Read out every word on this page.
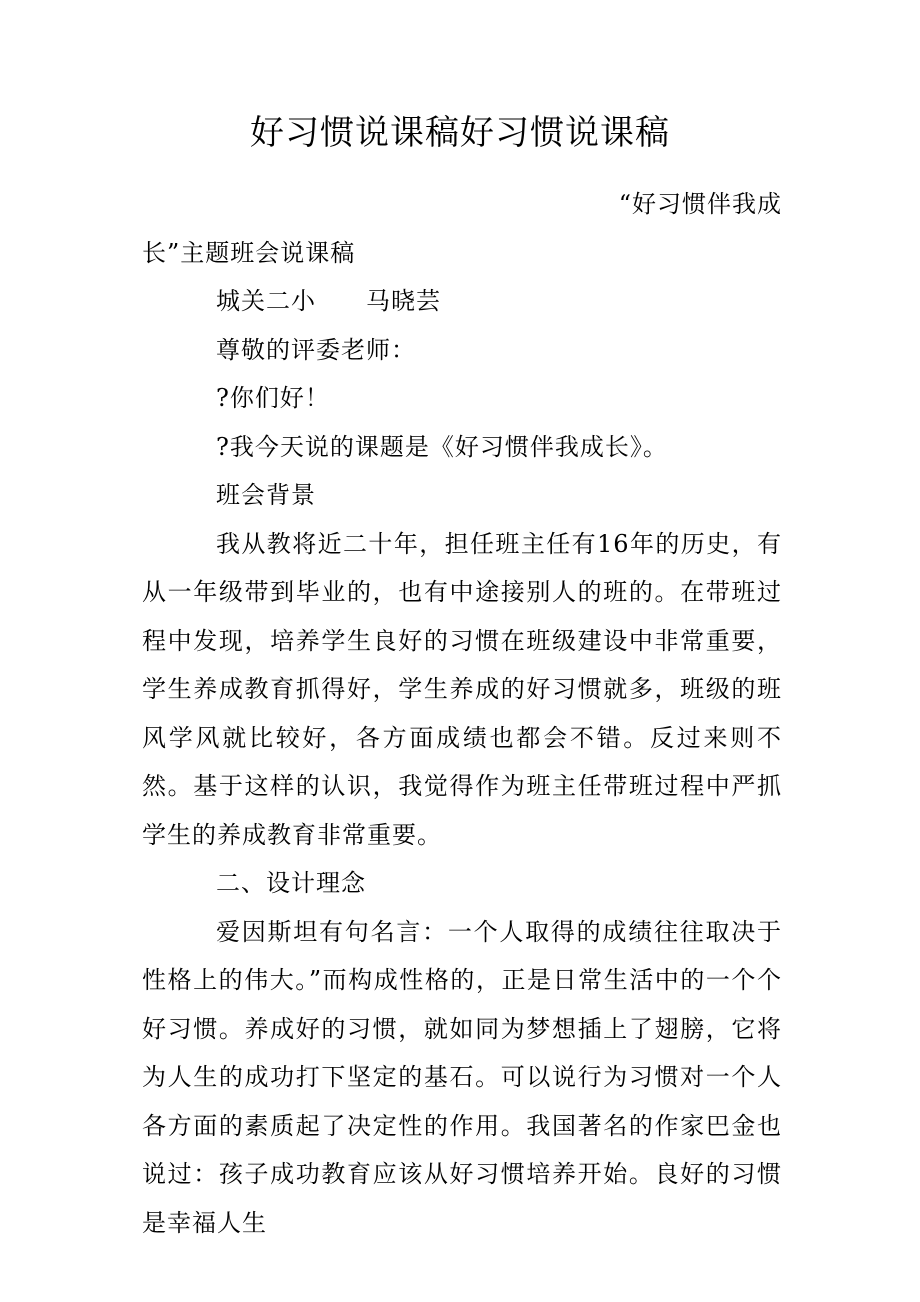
好习惯说课稿好习惯说课稿
“好习惯伴我成
长”主题班会说课稿
城关二小　　马晓芸
尊敬的评委老师：
?你们好！
?我今天说的课题是《好习惯伴我成长》。
班会背景
我从教将近二十年，担任班主任有16年的历史，有从一年级带到毕业的，也有中途接别人的班的。在带班过程中发现，培养学生良好的习惯在班级建设中非常重要，学生养成教育抓得好，学生养成的好习惯就多，班级的班风学风就比较好，各方面成绩也都会不错。反过来则不然。基于这样的认识，我觉得作为班主任带班过程中严抓学生的养成教育非常重要。
二、设计理念
爱因斯坦有句名言：一个人取得的成绩往往取决于性格上的伟大。”而构成性格的，正是日常生活中的一个个好习惯。养成好的习惯，就如同为梦想插上了翅膀，它将为人生的成功打下坚定的基石。可以说行为习惯对一个人各方面的素质起了决定性的作用。我国著名的作家巴金也说过：孩子成功教育应该从好习惯培养开始。良好的习惯是幸福人生
